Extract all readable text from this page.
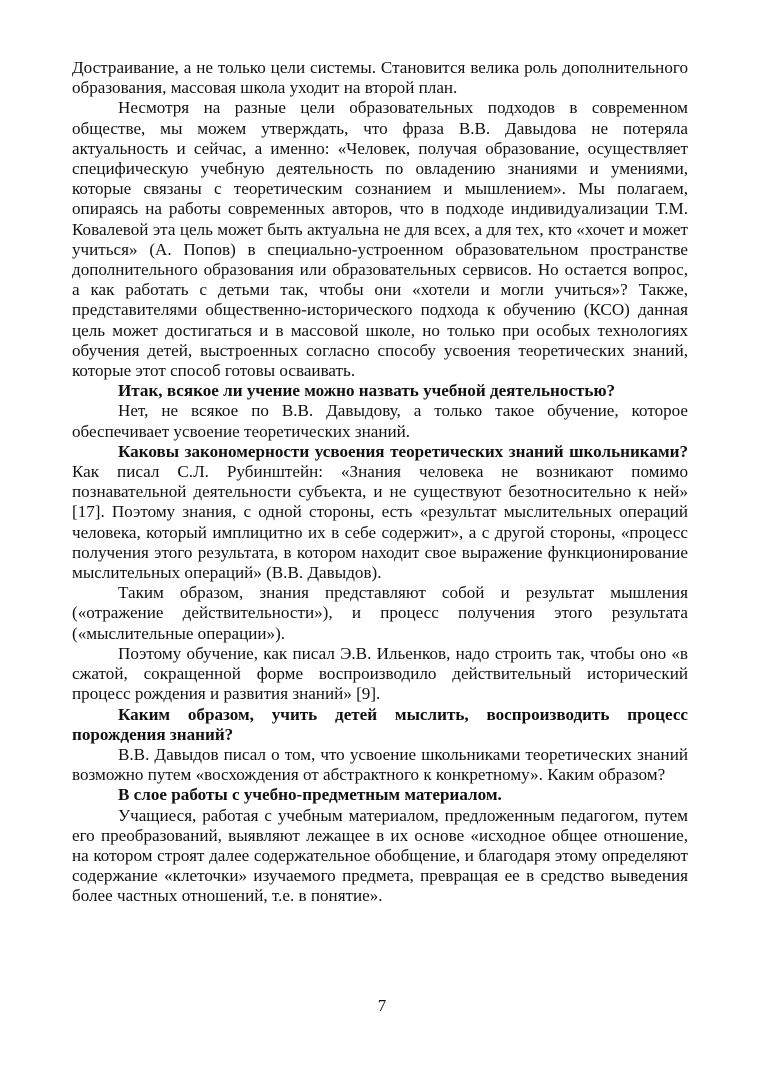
Достраивание, а не только цели системы. Становится велика роль дополнительного образования, массовая школа уходит на второй план.

Несмотря на разные цели образовательных подходов в современном обществе, мы можем утверждать, что фраза В.В. Давыдова не потеряла актуальность и сейчас, а именно: «Человек, получая образование, осуществляет специфическую учебную деятельность по овладению знаниями и умениями, которые связаны с теоретическим сознанием и мышлением». Мы полагаем, опираясь на работы современных авторов, что в подходе индивидуализации Т.М. Ковалевой эта цель может быть актуальна не для всех, а для тех, кто «хочет и может учиться» (А. Попов) в специально-устроенном образовательном пространстве дополнительного образования или образовательных сервисов. Но остается вопрос, а как работать с детьми так, чтобы они «хотели и могли учиться»? Также, представителями общественно-исторического подхода к обучению (КСО) данная цель может достигаться и в массовой школе, но только при особых технологиях обучения детей, выстроенных согласно способу усвоения теоретических знаний, которые этот способ готовы осваивать.

Итак, всякое ли учение можно назвать учебной деятельностью?

Нет, не всякое по В.В. Давыдову, а только такое обучение, которое обеспечивает усвоение теоретических знаний.

Каковы закономерности усвоения теоретических знаний школьниками? Как писал С.Л. Рубинштейн: «Знания человека не возникают помимо познавательной деятельности субъекта, и не существуют безотносительно к ней» [17]. Поэтому знания, с одной стороны, есть «результат мыслительных операций человека, который имплицитно их в себе содержит», а с другой стороны, «процесс получения этого результата, в котором находит свое выражение функционирование мыслительных операций» (В.В. Давыдов).

Таким образом, знания представляют собой и результат мышления («отражение действительности»), и процесс получения этого результата («мыслительные операции»).

Поэтому обучение, как писал Э.В. Ильенков, надо строить так, чтобы оно «в сжатой, сокращенной форме воспроизводило действительный исторический процесс рождения и развития знаний» [9].

Каким образом, учить детей мыслить, воспроизводить процесс порождения знаний?

В.В. Давыдов писал о том, что усвоение школьниками теоретических знаний возможно путем «восхождения от абстрактного к конкретному». Каким образом?

В слое работы с учебно-предметным материалом.

Учащиеся, работая с учебным материалом, предложенным педагогом, путем его преобразований, выявляют лежащее в их основе «исходное общее отношение, на котором строят далее содержательное обобщение, и благодаря этому определяют содержание «клеточки» изучаемого предмета, превращая ее в средство выведения более частных отношений, т.е. в понятие».

7
